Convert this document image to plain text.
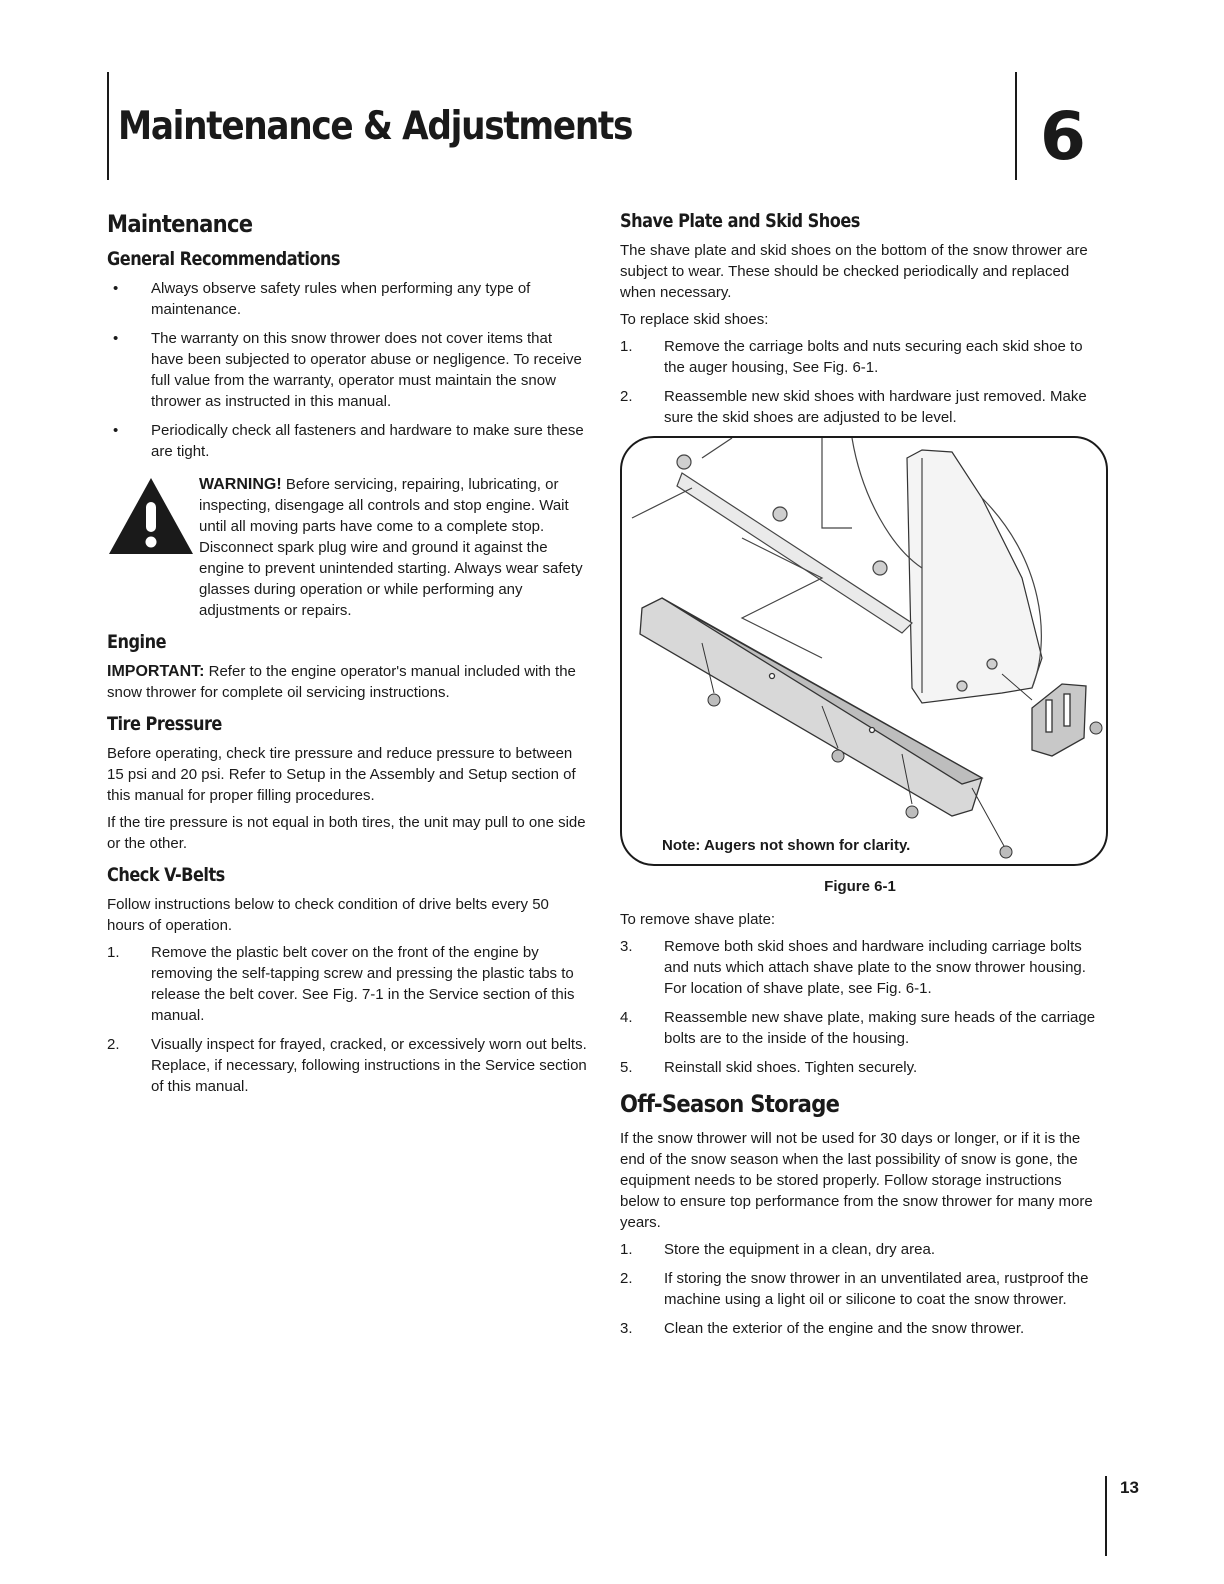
Maintenance & Adjustments	6
Maintenance
General Recommendations
• Always observe safety rules when performing any type of maintenance.
• The warranty on this snow thrower does not cover items that have been subjected to operator abuse or negligence. To receive full value from the warranty, operator must maintain the snow thrower as instructed in this manual.
• Periodically check all fasteners and hardware to make sure these are tight.
WARNING! Before servicing, repairing, lubricating, or inspecting, disengage all controls and stop engine. Wait until all moving parts have come to a complete stop. Disconnect spark plug wire and ground it against the engine to prevent unintended starting. Always wear safety glasses during operation or while performing any adjustments or repairs.
Engine

IMPORTANT: Refer to the engine operator's manual included with the snow thrower for complete oil servicing instructions.

Tire Pressure

Before operating, check tire pressure and reduce pressure to between 15 psi and 20 psi. Refer to Setup in the Assembly and Setup section of this manual for proper filling procedures.

If the tire pressure is not equal in both tires, the unit may pull to one side or the other.

Check V-Belts

Follow instructions below to check condition of drive belts every 50 hours of operation.

1. Remove the plastic belt cover on the front of the engine by removing the self-tapping screw and pressing the plastic tabs to release the belt cover. See Fig. 7-1 in the Service section of this manual.
2. Visually inspect for frayed, cracked, or excessively worn out belts. Replace, if necessary, following instructions in the Service section of this manual.
Shave Plate and Skid Shoes

The shave plate and skid shoes on the bottom of the snow thrower are subject to wear. These should be checked periodically and replaced when necessary.

To replace skid shoes:

1. Remove the carriage bolts and nuts securing each skid shoe to the auger housing, See Fig. 6-1.
2. Reassemble new skid shoes with hardware just removed. Make sure the skid shoes are adjusted to be level.
Note: Augers not shown for clarity.

Figure 6-1

To remove shave plate:

3. Remove both skid shoes and hardware including carriage bolts and nuts which attach shave plate to the snow thrower housing. For location of shave plate, see Fig. 6-1.
4. Reassemble new shave plate, making sure heads of the carriage bolts are to the inside of the housing.
5. Reinstall skid shoes. Tighten securely.
Off-Season Storage

If the snow thrower will not be used for 30 days or longer, or if it is the end of the snow season when the last possibility of snow is gone, the equipment needs to be stored properly. Follow storage instructions below to ensure top performance from the snow thrower for many more years.

1. Store the equipment in a clean, dry area.
2. If storing the snow thrower in an unventilated area, rustproof the machine using a light oil or silicone to coat the snow thrower.
3. Clean the exterior of the engine and the snow thrower.
13
